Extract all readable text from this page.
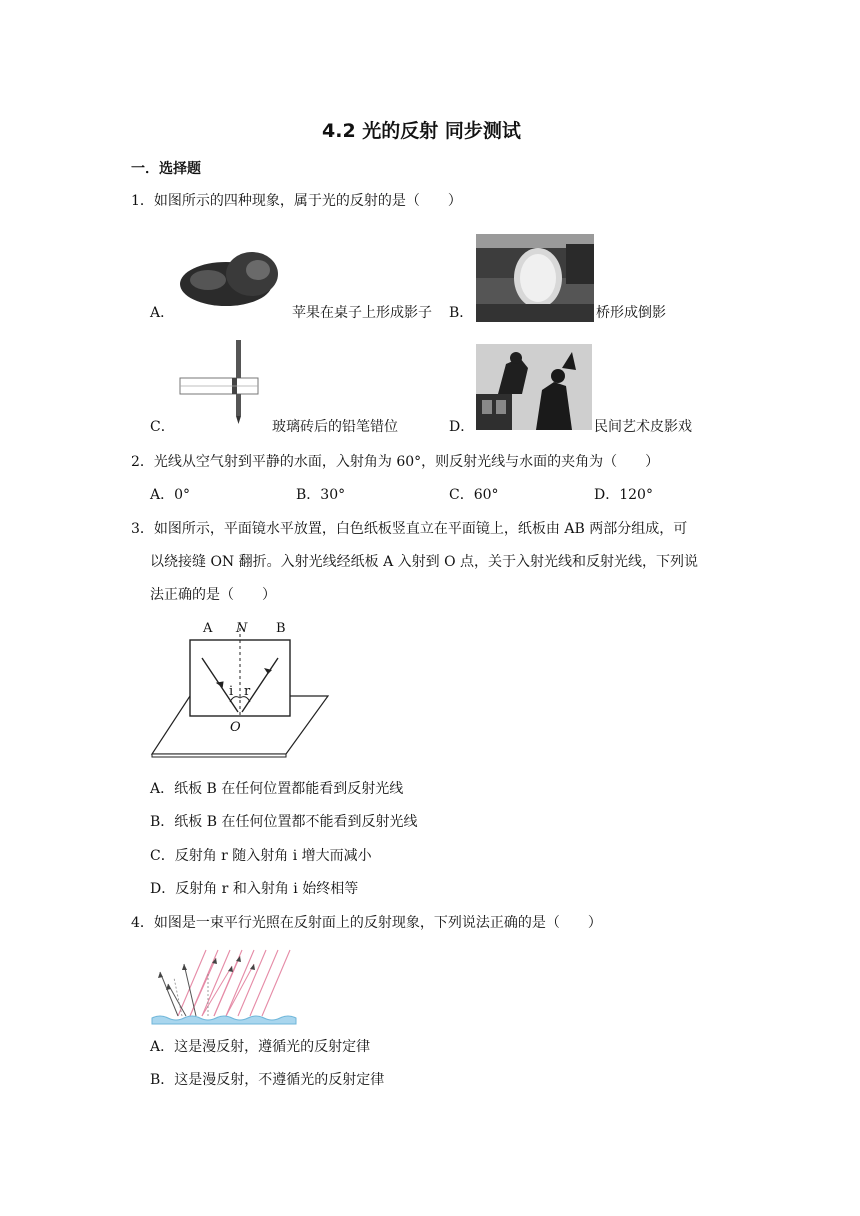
4.2 光的反射 同步测试
一．选择题
1．如图所示的四种现象，属于光的反射的是（　　）
A．	苹果在桌子上形成影子 B．	桥形成倒影
C．	玻璃砖后的铅笔错位	D．	民间艺术皮影戏
2．光线从空气射到平静的水面，入射角为 60°，则反射光线与水面的夹角为（　　）
A．0°	B．30°	C．60°	D．120°
3．如图所示，平面镜水平放置，白色纸板竖直立在平面镜上，纸板由 AB 两部分组成，可
以绕接缝 ON 翻折。入射光线经纸板 A 入射到 O 点，关于入射光线和反射光线，下列说
法正确的是（　　）
A N B
i r
O
A．纸板 B 在任何位置都能看到反射光线
B．纸板 B 在任何位置都不能看到反射光线
C．反射角 r 随入射角 i 增大而减小
D．反射角 r 和入射角 i 始终相等
4．如图是一束平行光照在反射面上的反射现象，下列说法正确的是（　　）
A．这是漫反射，遵循光的反射定律
B．这是漫反射，不遵循光的反射定律
